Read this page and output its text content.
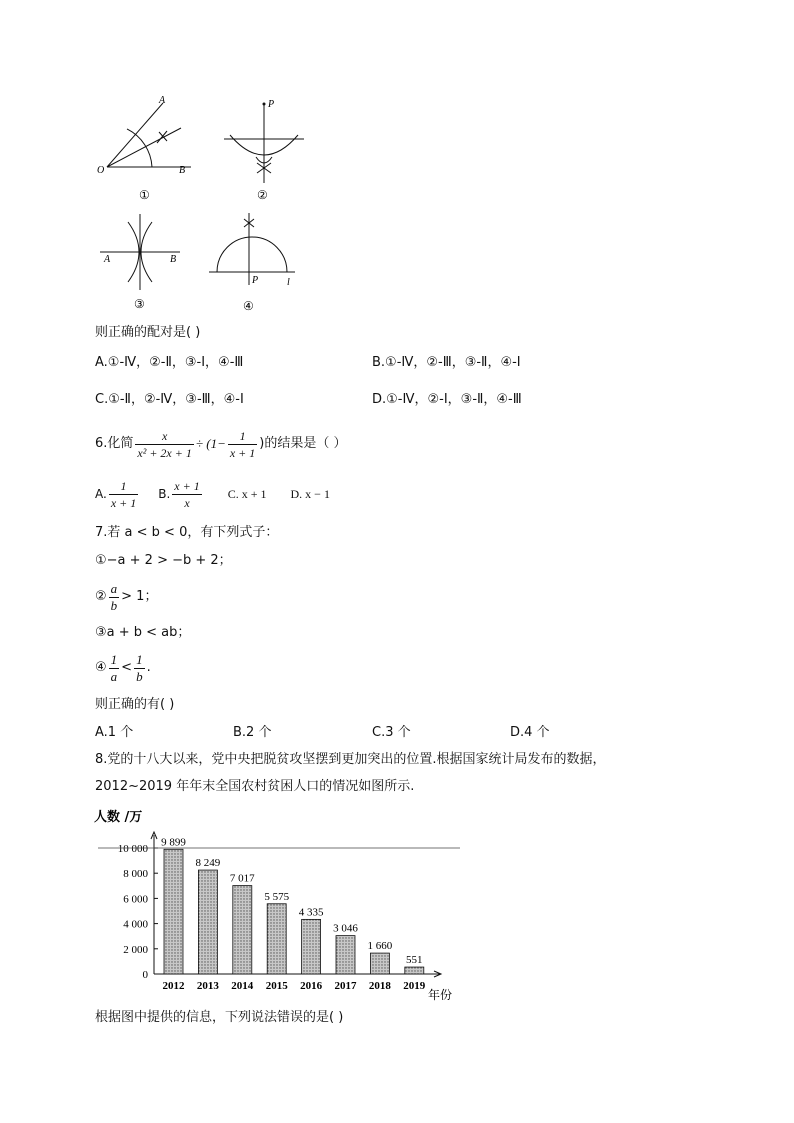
A
O	B
①
P
②
A	B
③
P	l
④
则正确的配对是( )
A.①-Ⅳ，②-Ⅱ，③-Ⅰ，④-Ⅲ	B.①-Ⅳ，②-Ⅲ，③-Ⅱ，④-Ⅰ
C.①-Ⅱ，②-Ⅳ，③-Ⅲ，④-Ⅰ	D.①-Ⅳ，②-Ⅰ，③-Ⅱ，④-Ⅲ
6.化简 $\frac{x}{\text{x² + 2x + 1}} \div (1- \frac{1}{x + 1}$ )的结果是（ ）
A. $\frac{1}{x + 1} B$. $\frac{x + 1}{x} C$. x + 1 D. x − 1
7.若 a < b < 0，有下列式子：
①−a + 2 > −b + 2；
② $\frac{a}{b} > 1$；
③a + b < ab；
④ $\frac{1}{a} < \frac{1}{b}$ .
则正确的有( )
A.1 个	B.2 个	C.3 个	D.4 个
8.党的十八大以来，党中央把脱贫攻坚摆到更加突出的位置.根据国家统计局发布的数据，
2012~2019 年年末全国农村贫困人口的情况如图所示.
人数 /万
年份
0
2 000
4 000
6 000
8 000
10 000
9 899
2012
8 249
2013
7 017
2014
5 575
2015
4 335
2016
3 046
2017
1 660
2018
551
2019
根据图中提供的信息，下列说法错误的是( )
